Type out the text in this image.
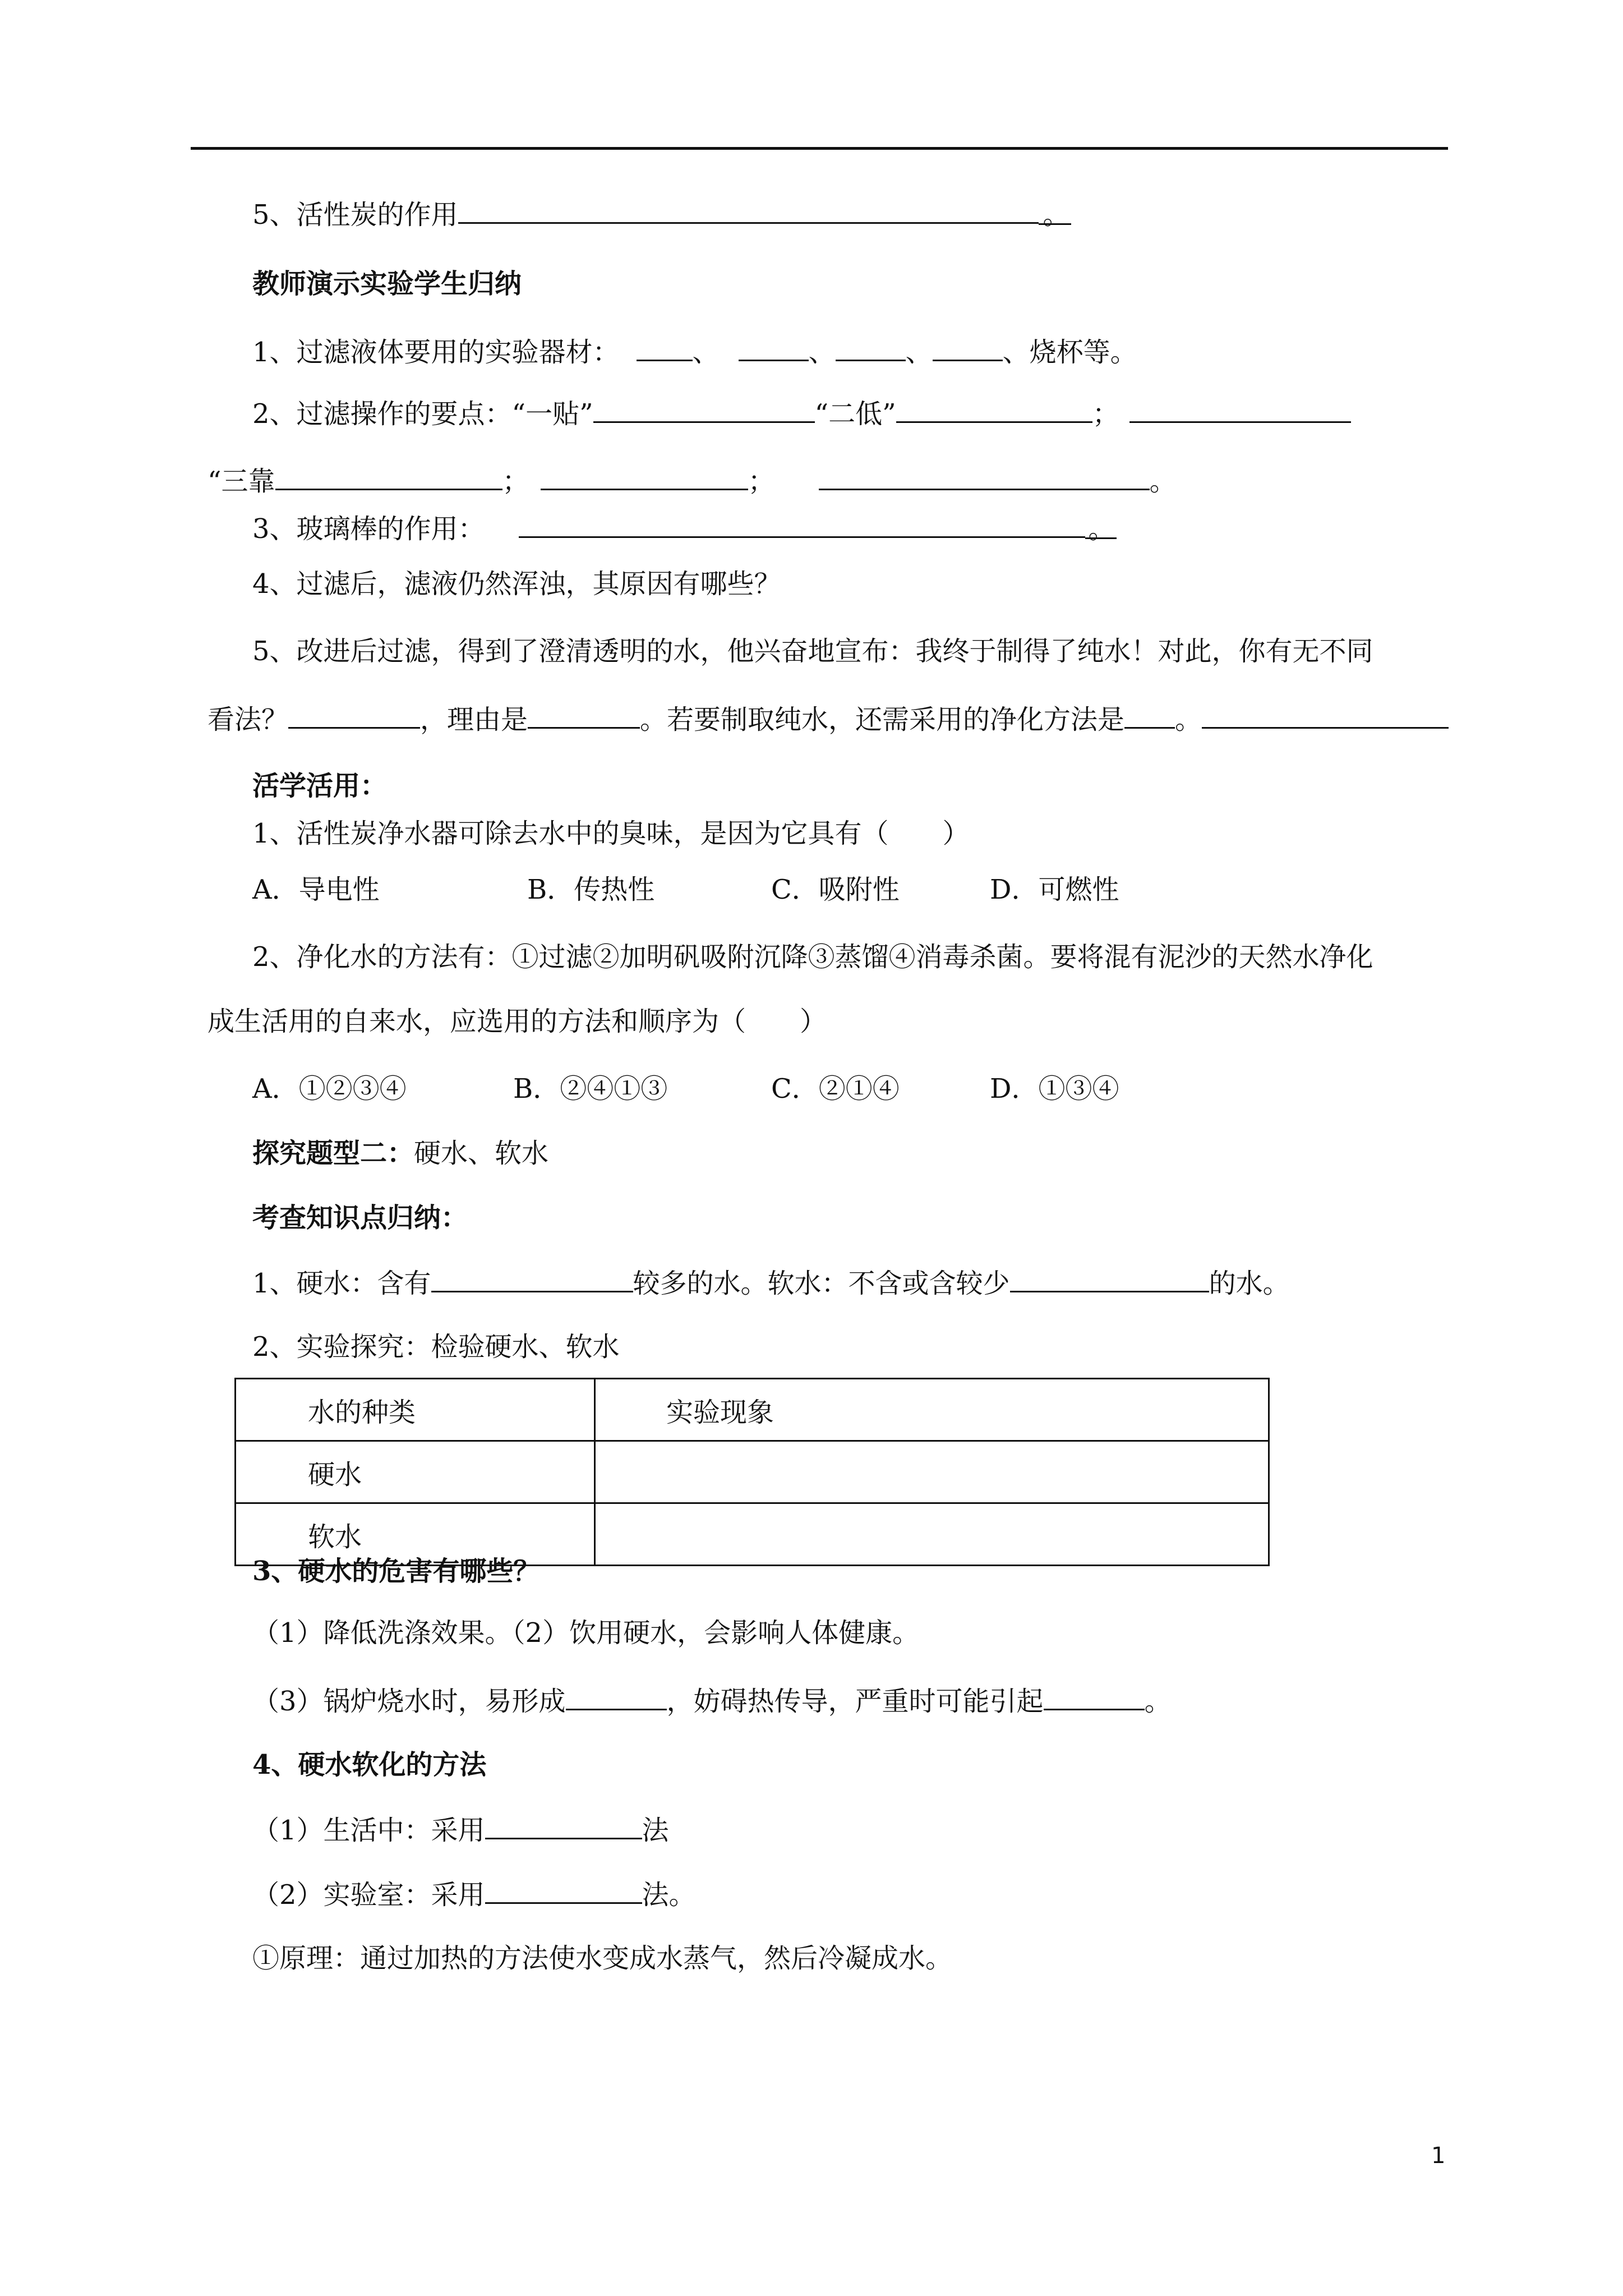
5、活性炭的作用	。
教师演示实验学生归纳
1、过滤液体要用的实验器材：	、	、	、	、烧杯等。
2、过滤操作的要点：“一贴”	“二低”	；
“三靠	；	；	。
3、玻璃棒的作用：	。
4、过滤后，滤液仍然浑浊，其原因有哪些？
5、改进后过滤，得到了澄清透明的水，他兴奋地宣布：我终于制得了纯水！对此，你有无不同
看法？	，理由是	。若要制取纯水，还需采用的净化方法是 。
活学活用：
1、活性炭净水器可除去水中的臭味，是因为它具有（　　）
A．导电性	B．传热性	C．吸附性	D．可燃性
2、净化水的方法有：①过滤②加明矾吸附沉降③蒸馏④消毒杀菌。要将混有泥沙的天然水净化
成生活用的自来水，应选用的方法和顺序为（　　）
A．①②③④	B．②④①③	C．②①④	D．①③④
探究题型二：硬水、软水
考查知识点归纳：
1、硬水：含有	较多的水。软水：不含或含较少	的水。
2、实验探究：检验硬水、软水
水的种类	实验现象
硬水	
软水	
3、硬水的危害有哪些？
（1）降低洗涤效果。（2）饮用硬水，会影响人体健康。
（3）锅炉烧水时，易形成	，妨碍热传导，严重时可能引起	。
4、硬水软化的方法
（1）生活中：采用	法
（2）实验室：采用	法。
①原理：通过加热的方法使水变成水蒸气，然后冷凝成水。
1
